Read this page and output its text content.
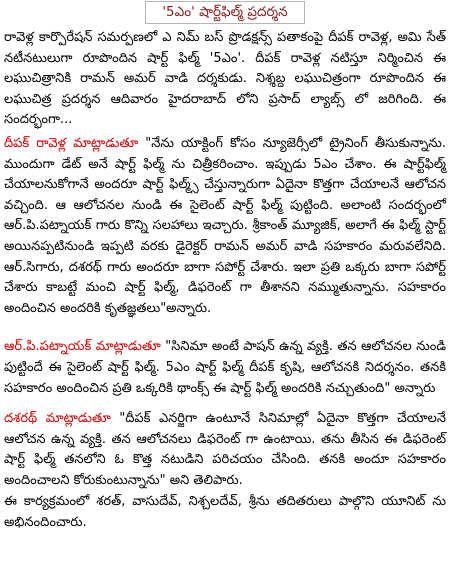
'5ఎం' షార్ట్‌ఫిల్మ్ ప్రదర్శన

రావెళ్ల కార్పొరేషన్ సమర్పణలో ఎ నిమ్ బస్ ప్రొడక్షన్స్ పతాకంపై దీపక్ రావెళ్ల, అమి సేత్ నటీనటులుగా రూపొందిన షార్ట్ ఫిల్మ్ '5ఎం'. దీపక్ రావెళ్ల నటిస్తూ నిర్మించిన ఈ లఘుచిత్రానికి రామన్ అమర్ వాడి దర్శకుడు. నిశ్శబ్ద లఘుచిత్రంగా రూపొందిన ఈ లఘుచిత్ర ప్రదర్శన ఆదివారం హైదరాబాద్ లోని ప్రసాద్ ల్యాబ్స్ లో జరిగింది. ఈ సందర్భంగా...

దీపక్ రావెళ్ల మాట్లాడుతూ "నేను యాక్టింగ్ కోసం న్యూజెర్సీలో ట్రైనింగ్ తీసుకున్నాను. ముందుగా డేట్ అనే షార్ట్ ఫిల్మ్ ను చిత్రీకరించాం. ఇప్పుడు 5ఎం చేశాం. ఈ షార్ట్‌ఫిల్మ్ చేయాలనుకోగానే అందరూ షార్ట్ ఫిల్మ్స్ చేస్తున్నారుగా ఏదైనా కొత్తగా చేయాలనే ఆలోచన వచ్చింది. ఆ ఆలోచనల నుండి ఈ సైలెంట్ షార్ట్ ఫిల్మ్ పుట్టింది. అలాంటి సందర్భంలో ఆర్.పి.పట్నాయక్ గారు కొన్ని సలహాలు ఇచ్చారు. శ్రీకాంత్ మ్యూజిక్, అలాగే ఈ ఫిల్మ్ స్టార్ట్ అయినప్పటినుండి ఇప్పటి వరకు డైరెక్టర్ రామన్ అమర్ వాడి సహకారం మరువలేనిది. ఆర్.సిగారు, దశరథ్ గారు అందరూ బాగా సపోర్ట్ చేశారు. ఇలా ప్రతి ఒక్కరు బాగా సపోర్ట్ చేశారు కాబట్టే మంచి షార్ట్ ఫిల్మ్, డిఫరెంట్ గా తీశానని నమ్ముతున్నాను. సహకారం అందించిన అందరికి కృతజ్ఞతలు"అన్నారు.

ఆర్.పి.పట్నాయక్ మాట్లాడుతూ "సినిమా అంటే పాషన్ ఉన్న వ్యక్తి. తన ఆలోచనల నుండి పుట్టిందే ఈ సైలెంట్ షార్ట్ ఫిల్మ్. 5ఎం షార్ట్ ఫిల్మ్ దీపక్ కృషి, ఆలోచనకి నిదర్శనం. తనకి సహకారం అందించిన ప్రతి ఒక్కరికి థాంక్స్ ఈ షార్ట్ ఫిల్మ్ అందరికి నచ్చుతుంది" అన్నారు

దశరథ్ మాట్లాడుతూ "దీపక్ ఎనర్జిగా ఉంటూనే సినిమాల్లో ఏదైనా కొత్తగా చేయాలనే ఆలోచన ఉన్న వ్యక్తి. తన ఆలోచనలు డిఫరెంట్ గా ఉంటాయి. తను తీసిన ఈ డిఫరెంట్ షార్ట్ ఫిల్మ్ తనలోని ఓ కొత్త నటుడిని పరిచయం చేసింది. తనకి అందూ సహకారం అందించాలని కోరుకుంటున్నాను" అని తెలిపారు.

ఈ కార్యక్రమంలో శరత్, వాసుదేవ్, నిశ్చలదేవ్, శ్రీను తదితరులు పాల్గొని యూనిట్ ను అభినందించారు.
